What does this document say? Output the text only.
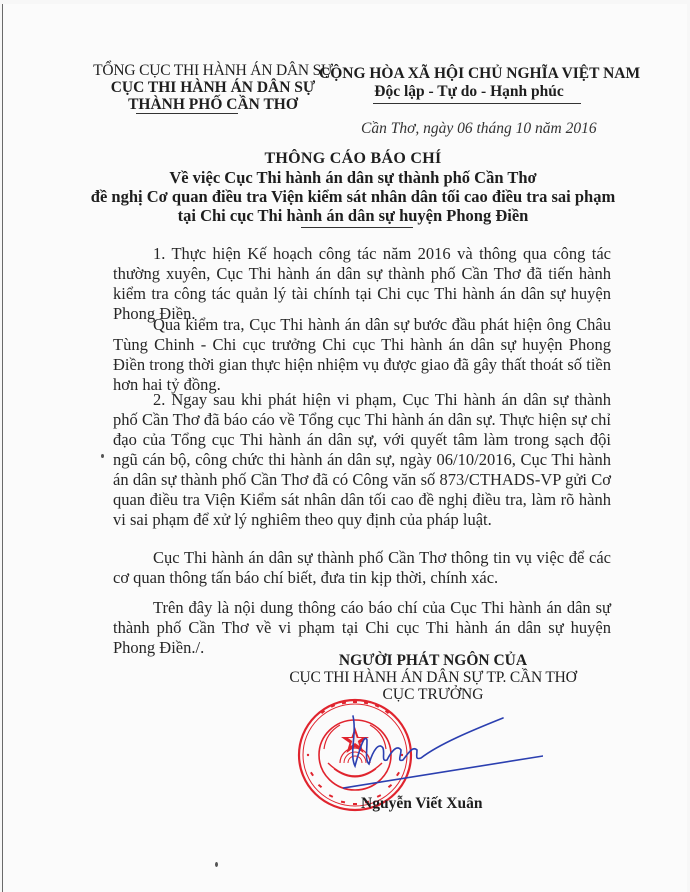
TỔNG CỤC THI HÀNH ÁN DÂN SỰ
CỤC THI HÀNH ÁN DÂN SỰ
THÀNH PHỐ CẦN THƠ
CỘNG HÒA XÃ HỘI CHỦ NGHĨA VIỆT NAM
Độc lập - Tự do - Hạnh phúc
Cần Thơ, ngày 06 tháng 10 năm 2016
THÔNG CÁO BÁO CHÍ
Về việc Cục Thi hành án dân sự thành phố Cần Thơ
đề nghị Cơ quan điều tra Viện kiểm sát nhân dân tối cao điều tra sai phạm
tại Chi cục Thi hành án dân sự huyện Phong Điền

1. Thực hiện Kế hoạch công tác năm 2016 và thông qua công tác thường xuyên, Cục Thi hành án dân sự thành phố Cần Thơ đã tiến hành kiểm tra công tác quản lý tài chính tại Chi cục Thi hành án dân sự huyện Phong Điền.

Qua kiểm tra, Cục Thi hành án dân sự bước đầu phát hiện ông Châu Tùng Chinh - Chi cục trưởng Chi cục Thi hành án dân sự huyện Phong Điền trong thời gian thực hiện nhiệm vụ được giao đã gây thất thoát số tiền hơn hai tỷ đồng.

2. Ngay sau khi phát hiện vi phạm, Cục Thi hành án dân sự thành phố Cần Thơ đã báo cáo về Tổng cục Thi hành án dân sự. Thực hiện sự chỉ đạo của Tổng cục Thi hành án dân sự, với quyết tâm làm trong sạch đội ngũ cán bộ, công chức thi hành án dân sự, ngày 06/10/2016, Cục Thi hành án dân sự thành phố Cần Thơ đã có Công văn số 873/CTHADS-VP gửi Cơ quan điều tra Viện Kiểm sát nhân dân tối cao đề nghị điều tra, làm rõ hành vi sai phạm để xử lý nghiêm theo quy định của pháp luật.

Cục Thi hành án dân sự thành phố Cần Thơ thông tin vụ việc để các cơ quan thông tấn báo chí biết, đưa tin kịp thời, chính xác.

Trên đây là nội dung thông cáo báo chí của Cục Thi hành án dân sự thành phố Cần Thơ về vi phạm tại Chi cục Thi hành án dân sự huyện Phong Điền./.

NGƯỜI PHÁT NGÔN CỦA
CỤC THI HÀNH ÁN DÂN SỰ TP. CẦN THƠ
CỤC TRƯỞNG
Nguyễn Viết Xuân
